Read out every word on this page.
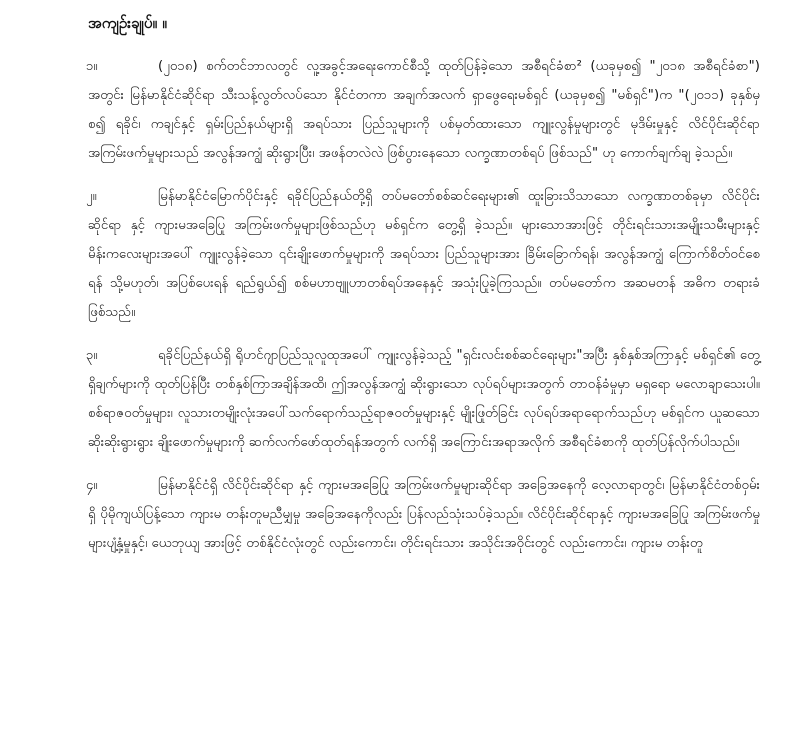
အကျဉ်းချုပ်။ ။
၁။	(၂၀၁၈) စက်တင်ဘာလတွင် လူ့အခွင့်အရေးကောင်စီသို့ ထုတ်ပြန်ခဲ့သော အစီရင်ခံစာ² (ယခုမှစ၍ "၂၀၁၈ အစီရင်ခံစာ") အတွင်း မြန်မာနိုင်ငံဆိုင်ရာ သီးသန့်လွတ်လပ်သော နိုင်ငံတကာ အချက်အလက် ရှာဖွေရေးမစ်ရှင် (ယခုမှစ၍ "မစ်ရှင်")က "(၂၀၁၁) ခုနှစ်မှစ၍ ရခိုင်၊ ကချင်နှင့် ရှမ်းပြည်နယ်များရှိ အရပ်သား ပြည်သူများကို ပစ်မှတ်ထားသော ကျူးလွန်မှုများတွင် မုဒိမ်းမှုနှင့် လိင်ပိုင်းဆိုင်ရာ အကြမ်းဖက်မှုများသည် အလွန်အကျွံ ဆိုးရွားပြီး၊ အဖန်တလဲလဲ ဖြစ်ပွားနေသော လက္ခဏာတစ်ရပ် ဖြစ်သည်" ဟု ကောက်ချက်ချ ခဲ့သည်။
၂။	မြန်မာနိုင်ငံမြောက်ပိုင်းနှင့် ရခိုင်ပြည်နယ်တို့ရှိ တပ်မတော်စစ်ဆင်ရေးများ၏ ထူးခြားသိသာသော လက္ခဏာတစ်ခုမှာ လိင်ပိုင်းဆိုင်ရာ နှင့် ကျားမအခြေပြု အကြမ်းဖက်မှုများဖြစ်သည်ဟု မစ်ရှင်က တွေ့ရှိ ခဲ့သည်။ များသောအားဖြင့် တိုင်းရင်းသားအမျိုးသမီးများနှင့် မိန်းကလေးများအပေါ် ကျူးလွန်ခဲ့သော ၎င်းချိုးဖောက်မှုများကို အရပ်သား ပြည်သူများအား ခြိမ်းခြောက်ရန်၊ အလွန်အကျွံ ကြောက်စိတ်ဝင်စေရန် သို့မဟုတ်၊ အပြစ်ပေးရန် ရည်ရွယ်၍ စစ်မဟာဗျူဟာတစ်ရပ်အနေနှင့် အသုံးပြုခဲ့ကြသည်။ တပ်မတော်က အဆမတန် အဓိက တရားခံဖြစ်သည်။
၃။	ရခိုင်ပြည်နယ်ရှိ ရိုဟင်ဂျာပြည်သူလူထုအပေါ် ကျူးလွန်ခဲ့သည့် "ရှင်းလင်းစစ်ဆင်ရေးများ"အပြီး နှစ်နှစ်အကြာနှင့် မစ်ရှင်၏ တွေ့ရှိချက်များကို ထုတ်ပြန်ပြီး တစ်နှစ်ကြာအချိန်အထိ၊ ဤအလွန်အကျွံ ဆိုးရွားသော လုပ်ရပ်များအတွက် တာဝန်ခံမှုမှာ မရှရော မလောချာသေးပါ။ စစ်ရာဇဝတ်မှုများ၊ လူသားတမျိုးလုံးအပေါ်သက်ရောက်သည့်ရာဇဝတ်မှုများနှင့် မျိုးဖြုတ်ခြင်း လုပ်ရပ်အရာရောက်သည်ဟု မစ်ရှင်က ယူဆသော ဆိုးဆိုးရွားရွား ချိုးဖောက်မှုများကို ဆက်လက်ဖော်ထုတ်ရန်အတွက် လက်ရှိ အကြောင်းအရာအလိုက် အစီရင်ခံစာကို ထုတ်ပြန်လိုက်ပါသည်။
၄။	မြန်မာနိုင်ငံရှိ လိင်ပိုင်းဆိုင်ရာ နှင့် ကျားမအခြေပြု အကြမ်းဖက်မှုများဆိုင်ရာ အခြေအနေကို လေ့လာရာတွင်၊ မြန်မာနိုင်ငံတစ်ဝှမ်းရှိ ပိုမိုကျယ်ပြန့်သော ကျားမ တန်းတူမညီမျှမှု အခြေအနေကိုလည်း ပြန်လည်သုံးသပ်ခဲ့သည်။ လိင်ပိုင်းဆိုင်ရာနှင့် ကျားမအခြေပြု အကြမ်းဖက်မှုများပျံ့နှံ့မှုနှင့်၊ ယေဘုယျ အားဖြင့် တစ်နိုင်ငံလုံးတွင် လည်းကောင်း၊ တိုင်းရင်းသား အသိုင်းအဝိုင်းတွင် လည်းကောင်း၊ ကျားမ တန်းတူ
